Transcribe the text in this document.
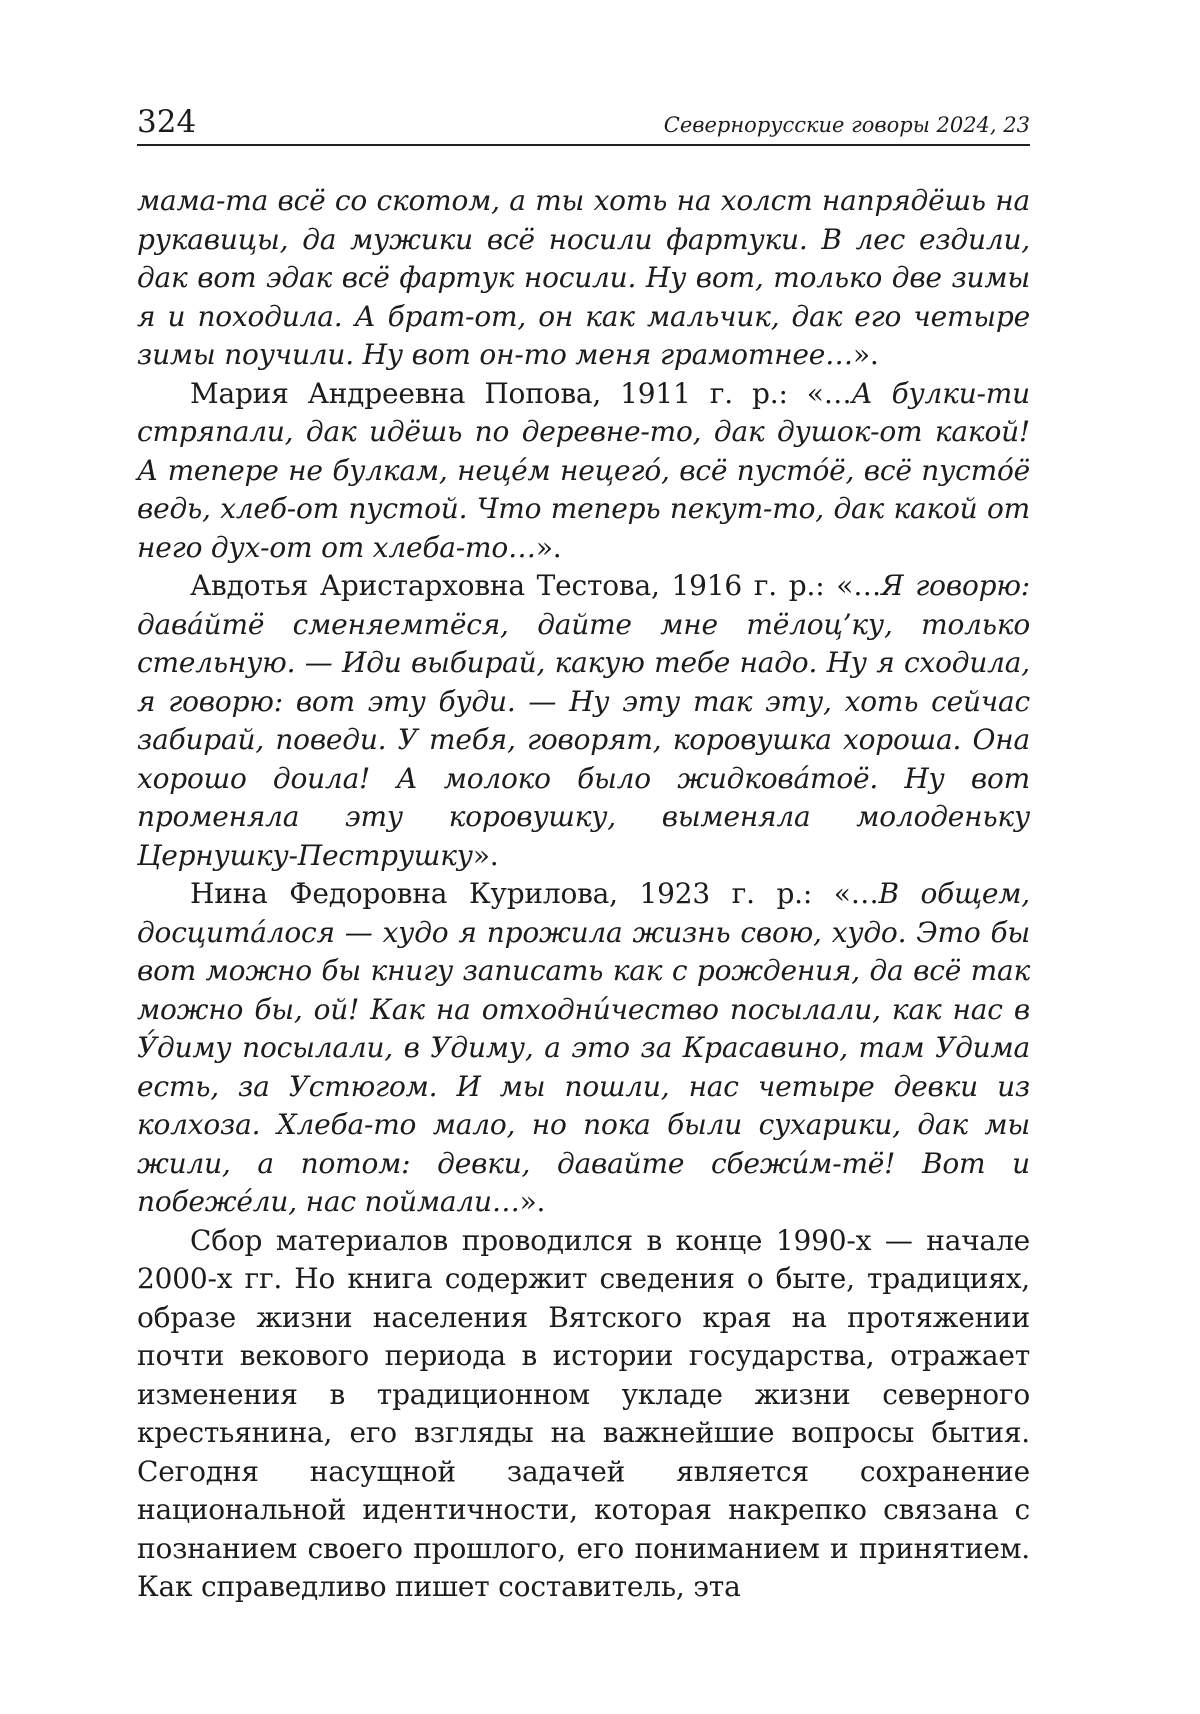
324	Севернорусские говоры 2024, 23

мама-та всё со скотом, а ты хоть на холст напрядёшь на рукавицы, да мужики всё носили фартуки. В лес ездили, дак вот эдак всё фартук носили. Ну вот, только две зимы я и походила. А брат-от, он как мальчик, дак его четыре зимы поучили. Ну вот он-то меня грамотнее…».

Мария Андреевна Попова, 1911 г. р.: «…А булки-ти стряпали, дак идёшь по деревне-то, дак душок-от какой! А тепере не булкам, неце́м нецего́, всё пусто́ё, всё пусто́ё ведь, хлеб-от пустой. Что теперь пекут-то, дак какой от него дух-от от хлеба-то…».

Авдотья Аристарховна Тестова, 1916 г. р.: «…Я говорю: дава́йтё сменяемтёся, дайте мне тёлоц’ку, только стельную. — Иди выбирай, какую тебе надо. Ну я сходила, я говорю: вот эту буди. — Ну эту так эту, хоть сейчас забирай, поведи. У тебя, говорят, коровушка хороша. Она хорошо доила! А молоко было жидкова́тоё. Ну вот променяла эту коровушку, выменяла молоденьку Цернушку-Пеструшку».

Нина Федоровна Курилова, 1923 г. р.: «…В общем, досцита́лося — худо я прожила жизнь свою, худо. Это бы вот можно бы книгу записать как с рождения, да всё так можно бы, ой! Как на отходни́чество посылали, как нас в У́диму посылали, в Удиму, а это за Красавино, там Удима есть, за Устюгом. И мы пошли, нас четыре девки из колхоза. Хлеба-то мало, но пока были сухарики, дак мы жили, а потом: девки, давайте сбежи́м-тё! Вот и побеже́ли, нас поймали…».

Сбор материалов проводился в конце 1990-х — начале 2000-х гг. Но книга содержит сведения о быте, традициях, образе жизни населения Вятского края на протяжении почти векового периода в истории государства, отражает изменения в традиционном укладе жизни северного крестьянина, его взгляды на важнейшие вопросы бытия. Сегодня насущной задачей является сохранение национальной идентичности, которая накрепко связана с познанием своего прошлого, его пониманием и принятием. Как справедливо пишет составитель, эта
